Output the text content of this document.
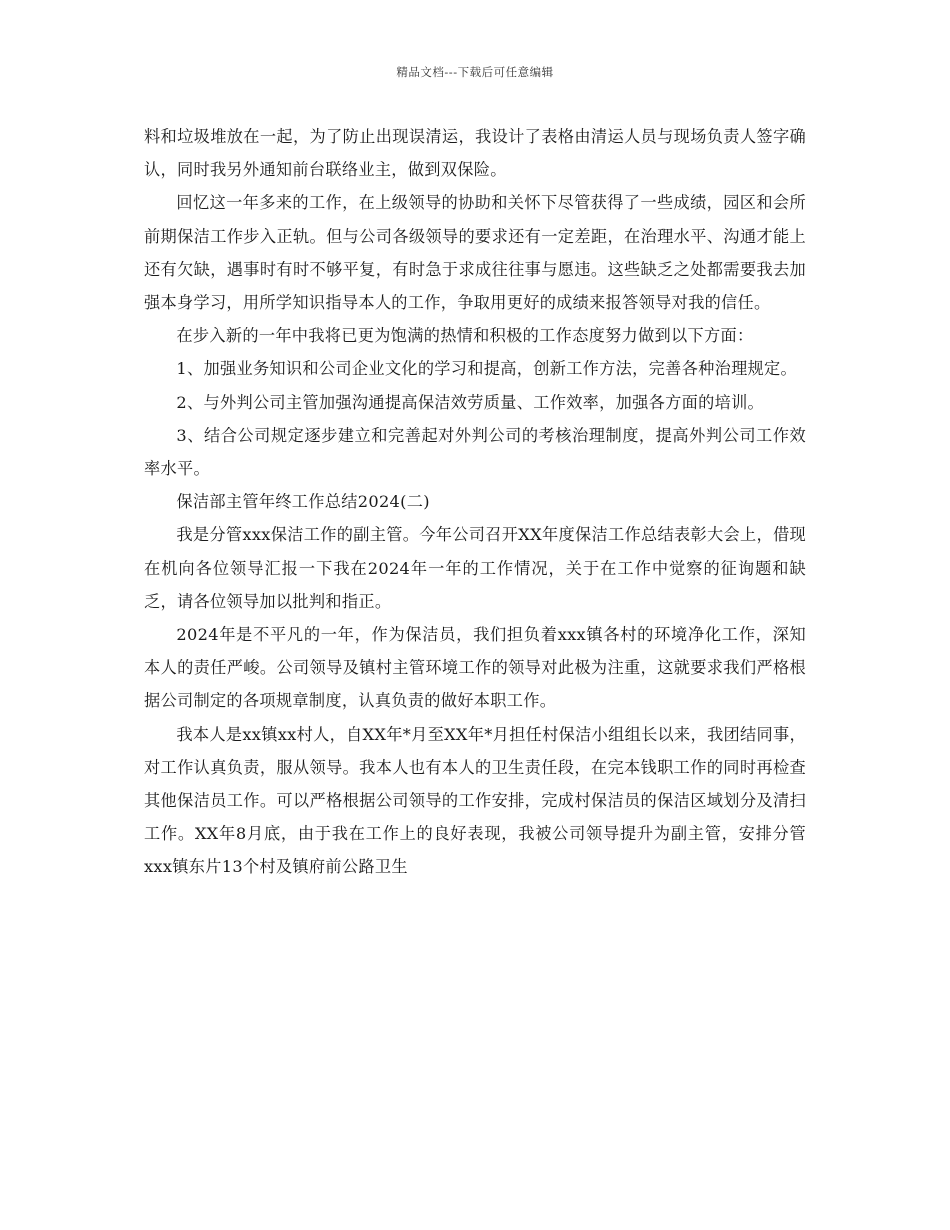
精品文档---下载后可任意编辑

料和垃圾堆放在一起，为了防止出现误清运，我设计了表格由清运人员与现场负责人签字确认，同时我另外通知前台联络业主，做到双保险。

回忆这一年多来的工作，在上级领导的协助和关怀下尽管获得了一些成绩，园区和会所前期保洁工作步入正轨。但与公司各级领导的要求还有一定差距，在治理水平、沟通才能上还有欠缺，遇事时有时不够平复，有时急于求成往往事与愿违。这些缺乏之处都需要我去加强本身学习，用所学知识指导本人的工作，争取用更好的成绩来报答领导对我的信任。

在步入新的一年中我将已更为饱满的热情和积极的工作态度努力做到以下方面：

1、加强业务知识和公司企业文化的学习和提高，创新工作方法，完善各种治理规定。

2、与外判公司主管加强沟通提高保洁效劳质量、工作效率，加强各方面的培训。

3、结合公司规定逐步建立和完善起对外判公司的考核治理制度，提高外判公司工作效率水平。

保洁部主管年终工作总结2024(二)

我是分管xxx保洁工作的副主管。今年公司召开XX年度保洁工作总结表彰大会上，借现在机向各位领导汇报一下我在2024年一年的工作情况，关于在工作中觉察的征询题和缺乏，请各位领导加以批判和指正。

2024年是不平凡的一年，作为保洁员，我们担负着xxx镇各村的环境净化工作，深知本人的责任严峻。公司领导及镇村主管环境工作的领导对此极为注重，这就要求我们严格根据公司制定的各项规章制度，认真负责的做好本职工作。

我本人是xx镇xx村人，自XX年*月至XX年*月担任村保洁小组组长以来，我团结同事，对工作认真负责，服从领导。我本人也有本人的卫生责任段，在完本钱职工作的同时再检查其他保洁员工作。可以严格根据公司领导的工作安排，完成村保洁员的保洁区域划分及清扫工作。XX年8月底，由于我在工作上的良好表现，我被公司领导提升为副主管，安排分管xxx镇东片13个村及镇府前公路卫生
